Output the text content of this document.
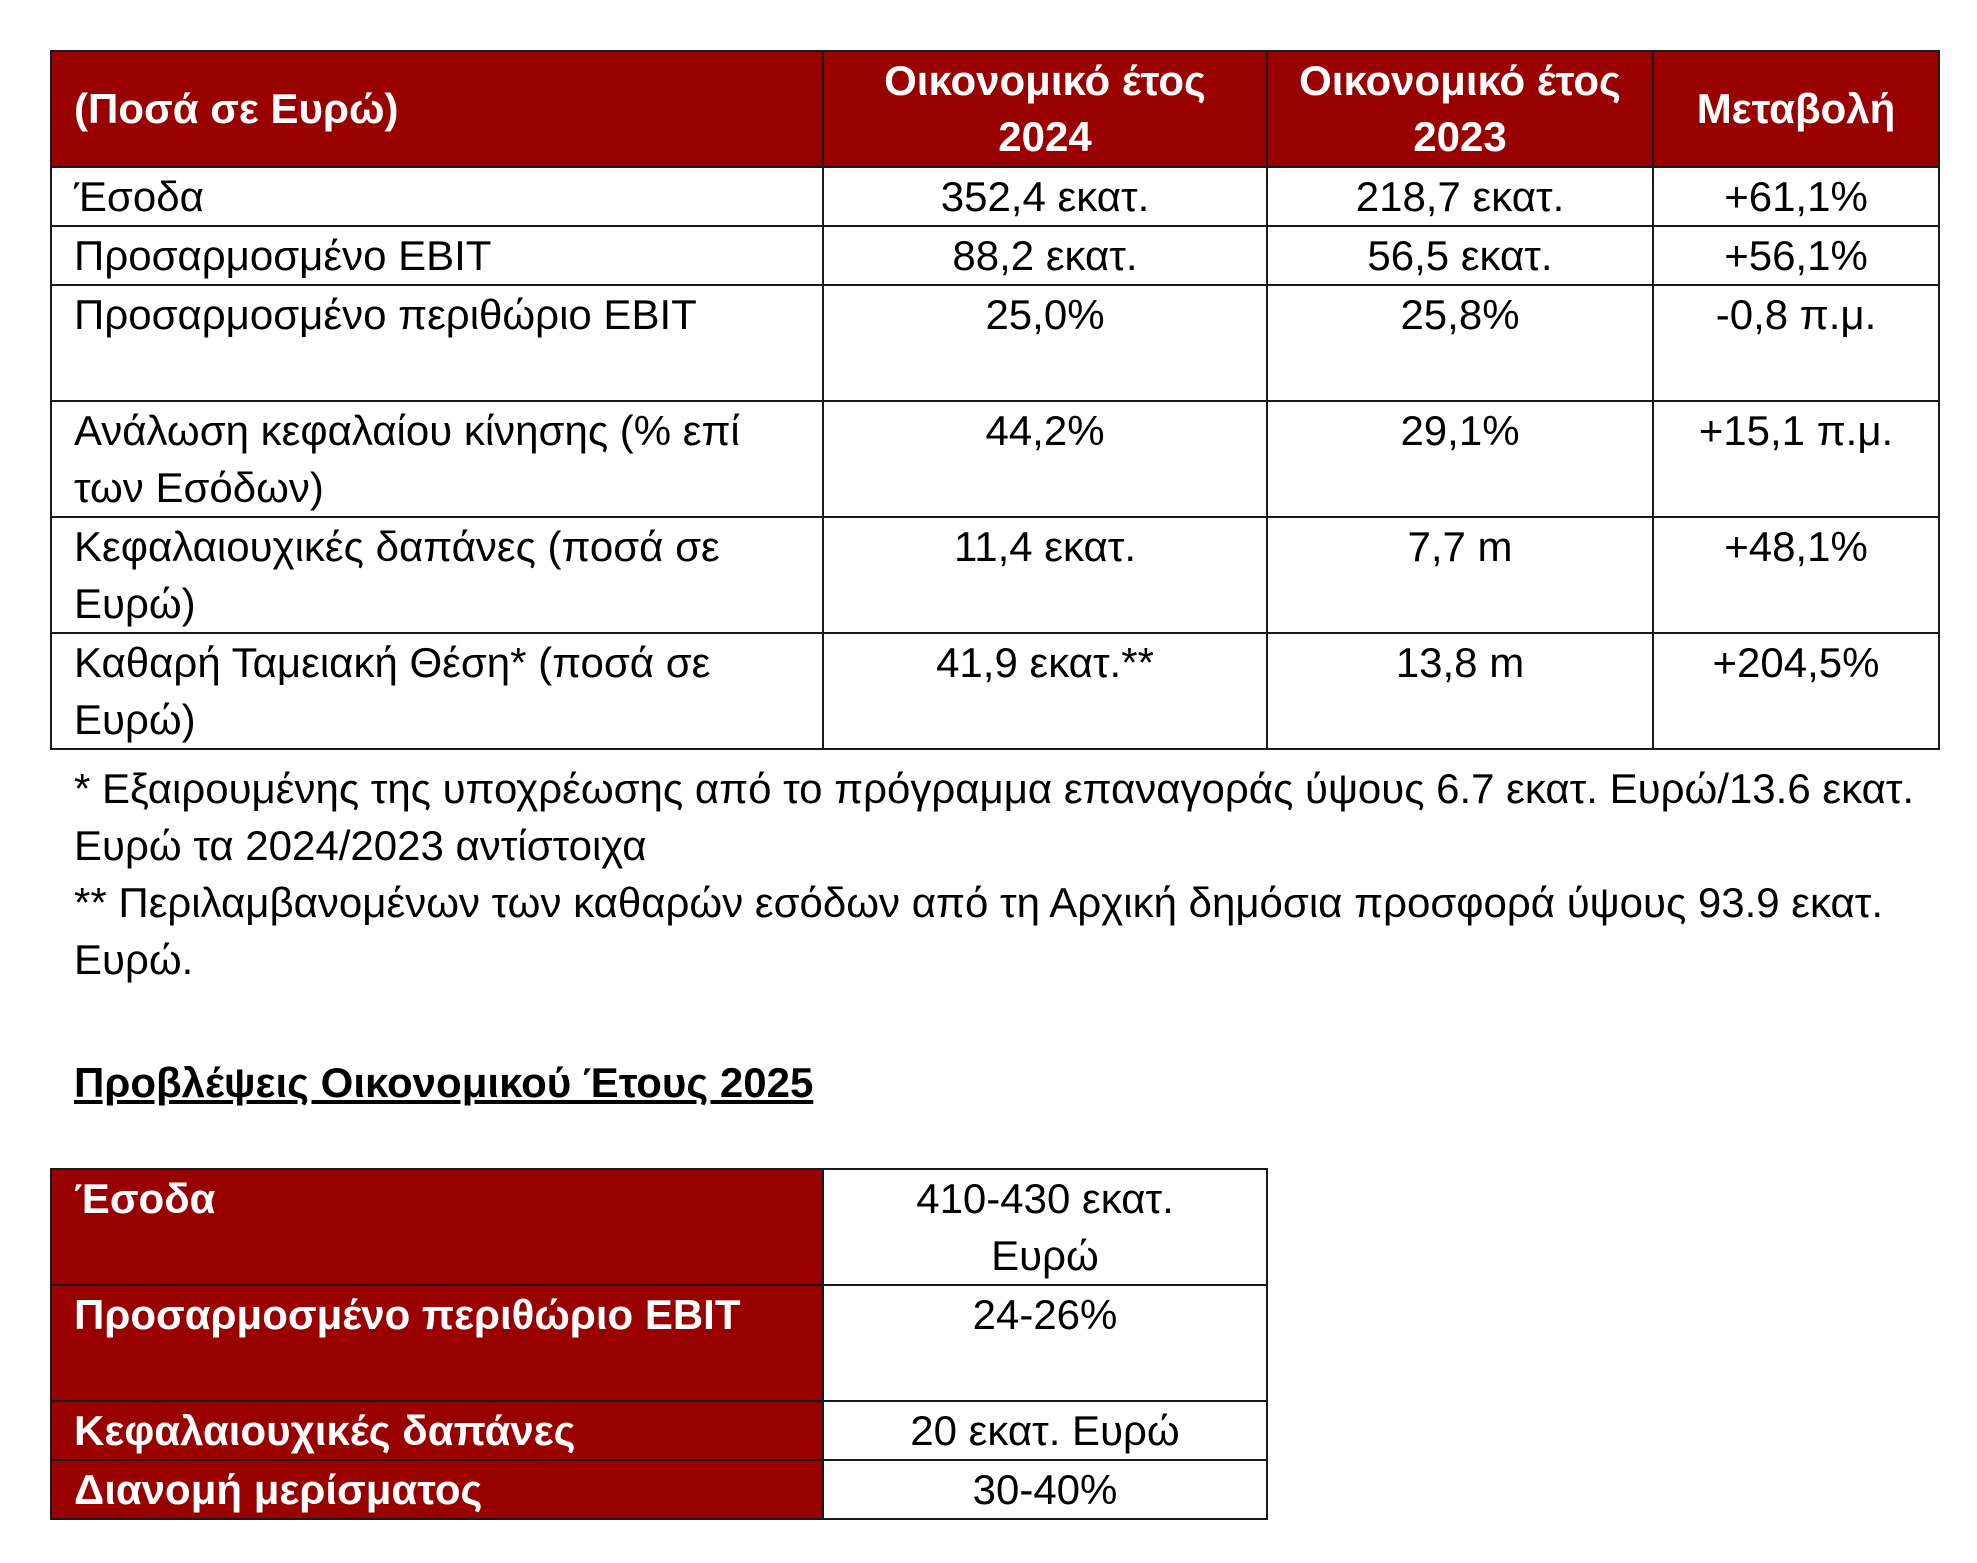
(Ποσά σε Ευρώ)	Οικονομικό έτος 2024	Οικονομικό έτος 2023	Μεταβολή
Έσοδα	352,4 εκατ.	218,7 εκατ.	+61,1%
Προσαρμοσμένο EBIT	88,2 εκατ.	56,5 εκατ.	+56,1%
Προσαρμοσμένο περιθώριο EBIT	25,0%	25,8%	-0,8 π.μ.
Ανάλωση κεφαλαίου κίνησης (% επί των Εσόδων)	44,2%	29,1%	+15,1 π.μ.
Κεφαλαιουχικές δαπάνες (ποσά σε Ευρώ)	11,4 εκατ.	7,7 m	+48,1%
Καθαρή Ταμειακή Θέση* (ποσά σε Ευρώ)	41,9 εκατ.**	13,8 m	+204,5%
* Εξαιρουμένης της υποχρέωσης από το πρόγραμμα επαναγοράς ύψους 6.7 εκατ. Ευρώ/13.6 εκατ. Ευρώ τα 2024/2023 αντίστοιχα
** Περιλαμβανομένων των καθαρών εσόδων από τη Αρχική δημόσια προσφορά ύψους 93.9 εκατ. Ευρώ.
Προβλέψεις Οικονομικού Έτους 2025
Έσοδα	410-430 εκατ. Ευρώ
Προσαρμοσμένο περιθώριο EBIT	24-26%
Κεφαλαιουχικές δαπάνες	20 εκατ. Ευρώ
Διανομή μερίσματος	30-40%
